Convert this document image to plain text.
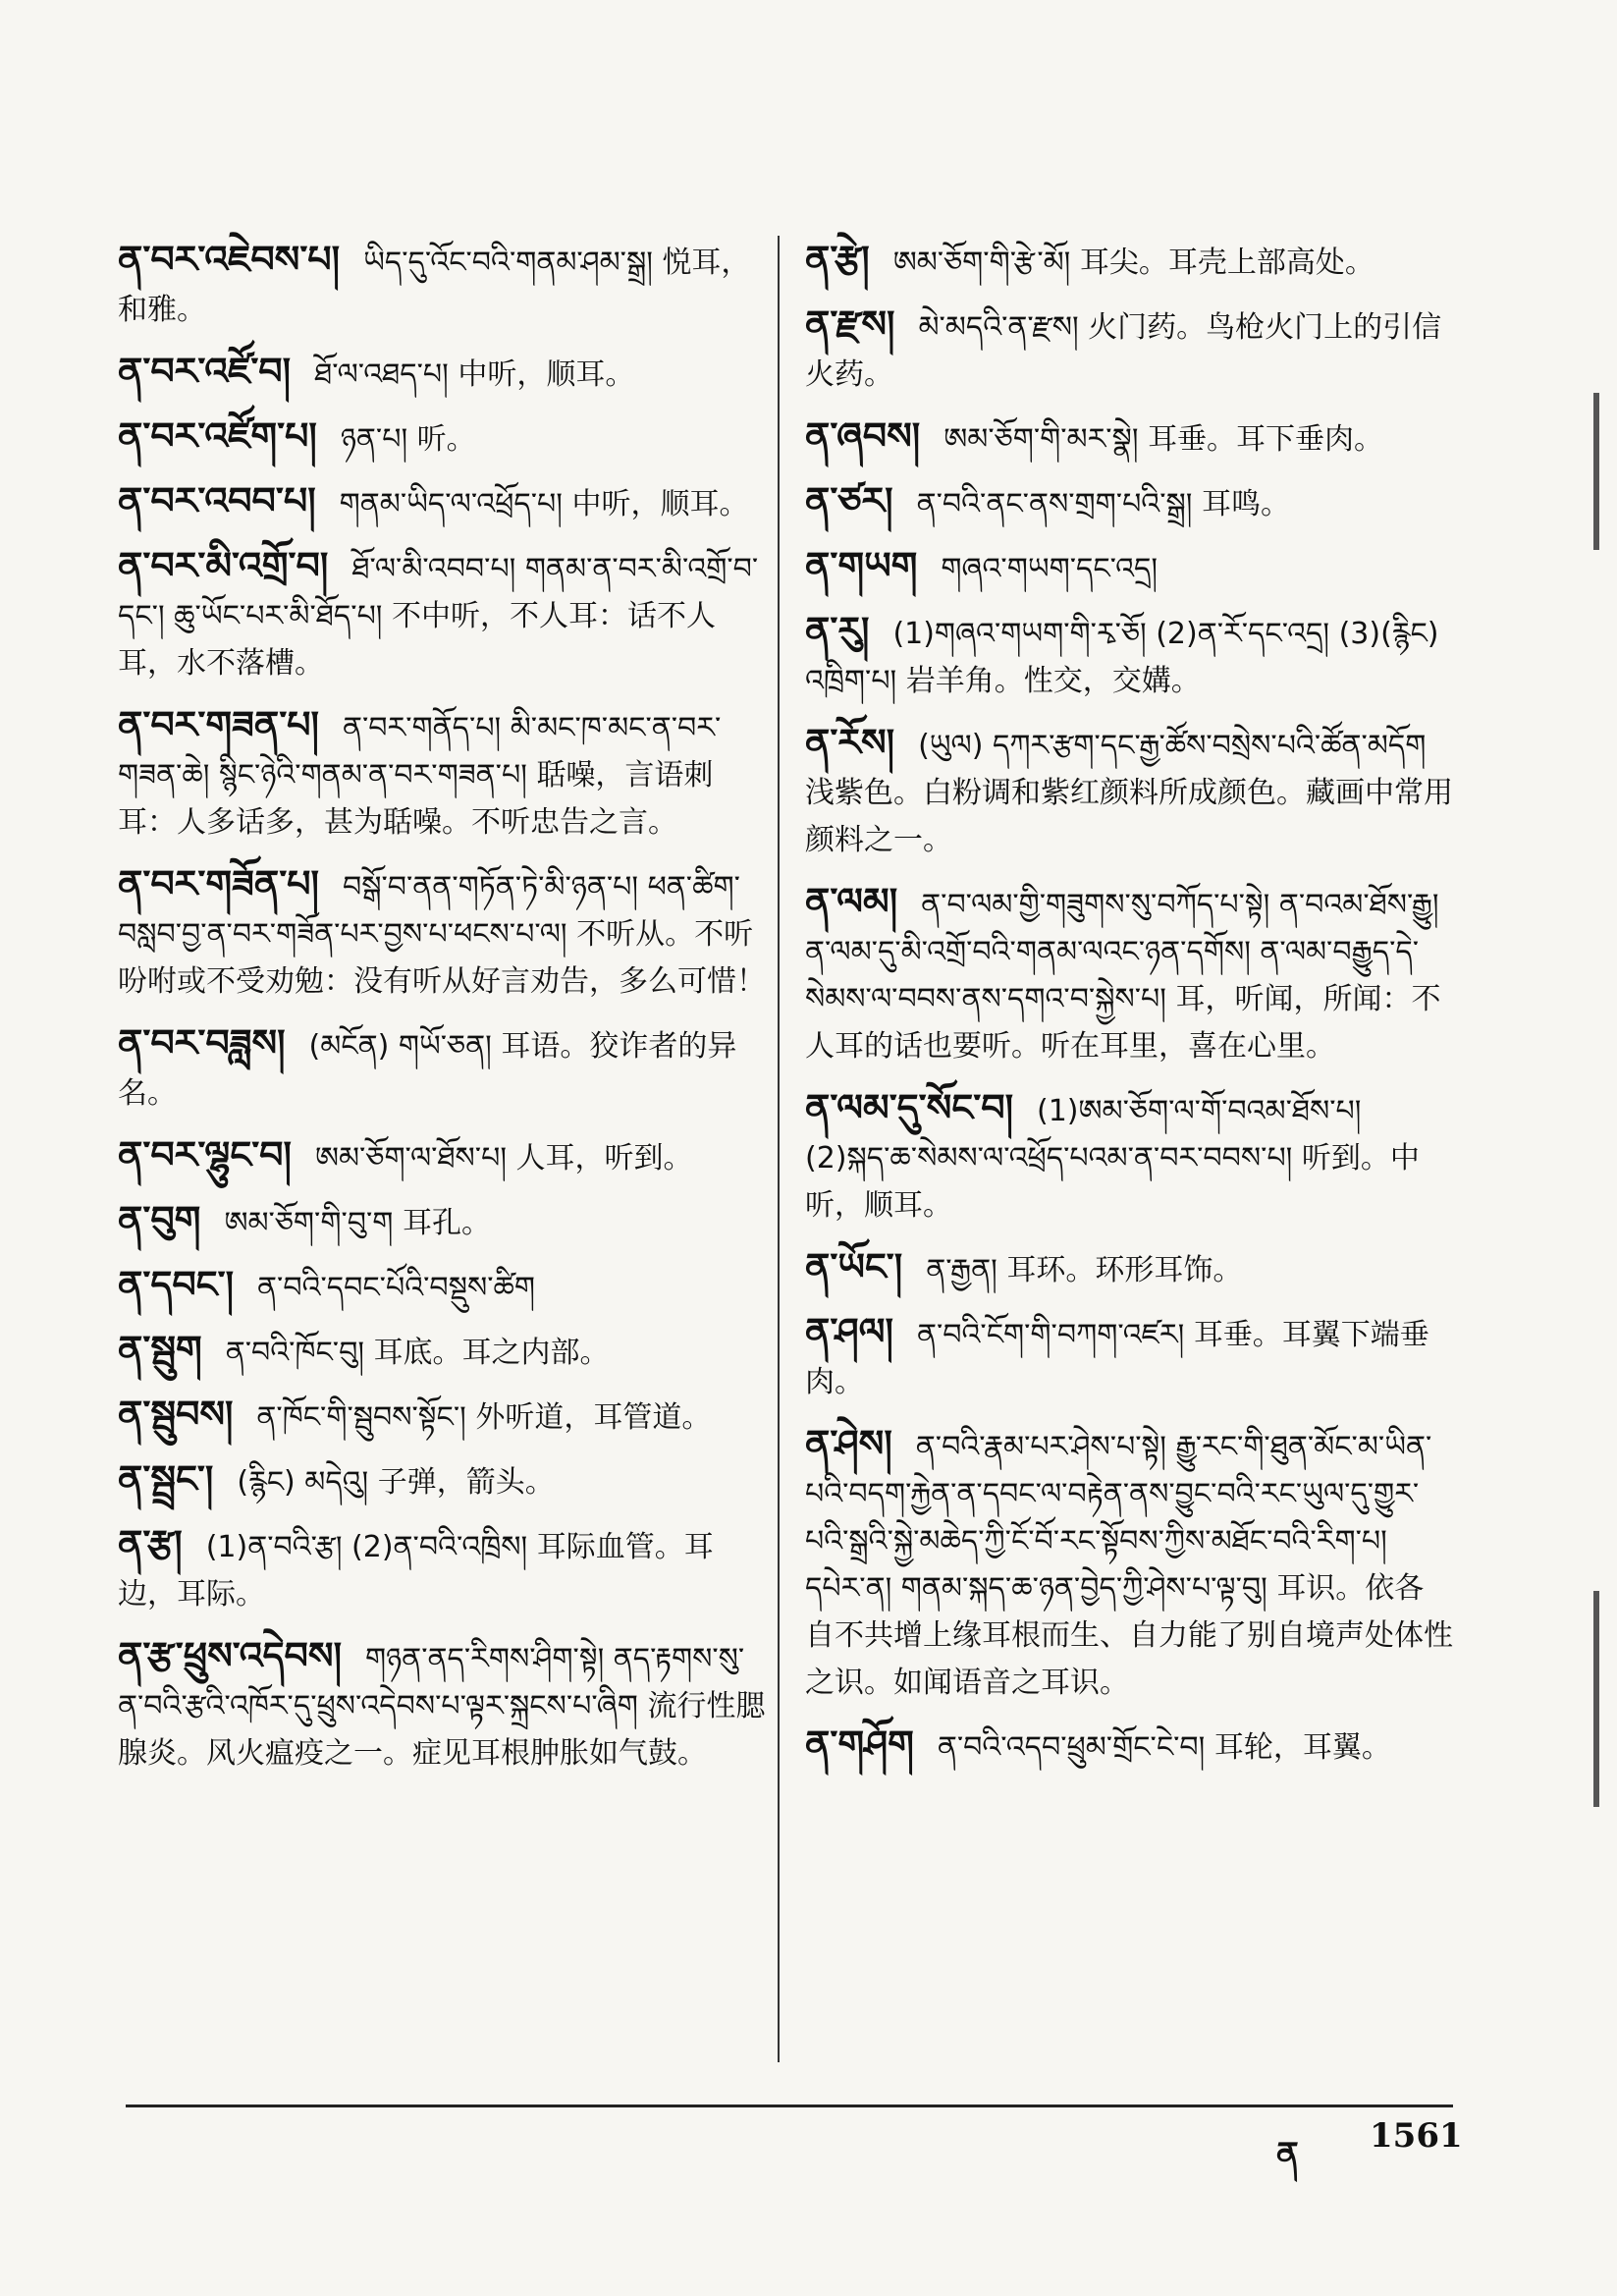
ན་བར་འཇེབས་པ། ཡིད་དུ་འོང་བའི་གནམ་ཤམ་སྒྲ། 悦耳，和雅。
ན་བར་འཛོ་བ། ཐོ་ལ་འཐད་པ། 中听，顺耳。
ན་བར་འཛོག་པ། ཉན་པ། 听。
ན་བར་འབབ་པ། གནམ་ཡིད་ལ་འཕྲོད་པ། 中听，顺耳。
ན་བར་མི་འགྲོ་བ། ཐོ་ལ་མི་འབབ་པ། གནམ་ན་བར་མི་འགྲོ་བ་དང་། ཆུ་ཡོང་པར་མི་ཐོད་པ། 不中听，不人耳：话不人耳，水不落槽。
ན་བར་གཟན་པ། ན་བར་གནོད་པ། མི་མང་ཁ་མང་ན་བར་གཟན་ཆེ། སྙིང་ཉེའི་གནམ་ན་བར་གཟན་པ། 聒噪，言语刺耳：人多话多，甚为聒噪。不听忠告之言。
ན་བར་གཟོན་པ། བསྒོ་བ་ནན་གཏོན་ཏེ་མི་ཉན་པ། ཕན་ཚིག་བསླབ་བྱ་ན་བར་གཟོན་པར་བྱས་པ་ཕངས་པ་ལ། 不听从。不听吩咐或不受劝勉：没有听从好言劝告，多么可惜！
ན་བར་བཟླས། (མངོན) གཡོ་ཅན། 耳语。狡诈者的异名。
ན་བར་ལྷུང་བ། ཨམ་ཅོག་ལ་ཐོས་པ། 人耳，听到。
ན་བུག ཨམ་ཅོག་གི་བུ་ག 耳孔。
ན་དབང་། ན་བའི་དབང་པོའི་བསྡུས་ཚིག
ན་སྦུག ན་བའི་ཁོང་བུ། 耳底。耳之内部。
ན་སྦུབས། ན་ཁོང་གི་སྦུབས་སྟོང་། 外听道，耳管道。
ན་སྦྲང་། (རྙིང) མདེའུ། 子弹，箭头。
ན་རྩ། (1)ན་བའི་རྩ། (2)ན་བའི་འཁྲིས། 耳际血管。耳边，耳际。
ན་རྩ་ཕྲུས་འདེབས། གཉན་ནད་རིགས་ཤིག་སྟེ། ནད་རྟགས་སུ་ན་བའི་རྩའི་འཁོར་དུ་ཕྲུས་འདེབས་པ་ལྟར་སྐྲངས་པ་ཞིག 流行性腮腺炎。风火瘟疫之一。症见耳根肿胀如气鼓。
ན་རྩེ། ཨམ་ཅོག་གི་རྩེ་མོ། 耳尖。耳壳上部高处。
ན་རྫས། མེ་མདའི་ན་རྫས། 火门药。鸟枪火门上的引信火药。
ན་ཞབས། ཨམ་ཅོག་གི་མར་སྣེ། 耳垂。耳下垂肉。
ན་ཙར། ན་བའི་ནང་ནས་གྲག་པའི་སྒྲ། 耳鸣。
ན་གཡག གཞའ་གཡག་དང་འདྲ།
ན་རུ། (1)གཞའ་གཡག་གི་རྭ་ཅོ། (2)ན་རོ་དང་འདྲ། (3)(རྙིང) འཁྲིག་པ། 岩羊角。性交，交媾。
ན་རོས། (ཡུལ) དཀར་རྩག་དང་རྒྱ་ཚོས་བསྲེས་པའི་ཚོན་མདོག 浅紫色。白粉调和紫红颜料所成颜色。藏画中常用颜料之一。
ན་ལམ། ན་བ་ལམ་གྱི་གཟུགས་སུ་བཀོད་པ་སྟེ། ན་བའམ་ཐོས་རྒྱུ། ན་ལམ་དུ་མི་འགྲོ་བའི་གནམ་ལའང་ཉན་དགོས། ན་ལམ་བརྒྱུད་དེ་སེམས་ལ་བབས་ནས་དགའ་བ་སྐྱེས་པ། 耳，听闻，所闻：不人耳的话也要听。听在耳里，喜在心里。
ན་ལམ་དུ་སོང་བ། (1)ཨམ་ཅོག་ལ་གོ་བའམ་ཐོས་པ། (2)སྐད་ཆ་སེམས་ལ་འཕྲོད་པའམ་ན་བར་བབས་པ། 听到。中听，顺耳。
ན་ཡོང་། ན་རྒྱན། 耳环。环形耳饰。
ན་ཤལ། ན་བའི་ངོག་གི་བཀག་འཛར། 耳垂。耳翼下端垂肉。
ན་ཤེས། ན་བའི་རྣམ་པར་ཤེས་པ་སྟེ། རྒྱུ་རང་གི་ཐུན་མོང་མ་ཡིན་པའི་བདག་རྐྱེན་ན་དབང་ལ་བརྟེན་ནས་བྱུང་བའི་རང་ཡུལ་དུ་གྱུར་པའི་སྒྲའི་སྐྱེ་མཆེད་ཀྱི་ངོ་བོ་རང་སྟོབས་ཀྱིས་མཐོང་བའི་རིག་པ། དཔེར་ན། གནམ་སྐད་ཆ་ཉན་བྱེད་ཀྱི་ཤེས་པ་ལྟ་བུ། 耳识。依各自不共增上缘耳根而生、自力能了别自境声处体性之识。如闻语音之耳识。
ན་གཤོག ན་བའི་འདབ་ཕྲུམ་གྲོང་ངེ་བ། 耳轮，耳翼。
ན 1561
